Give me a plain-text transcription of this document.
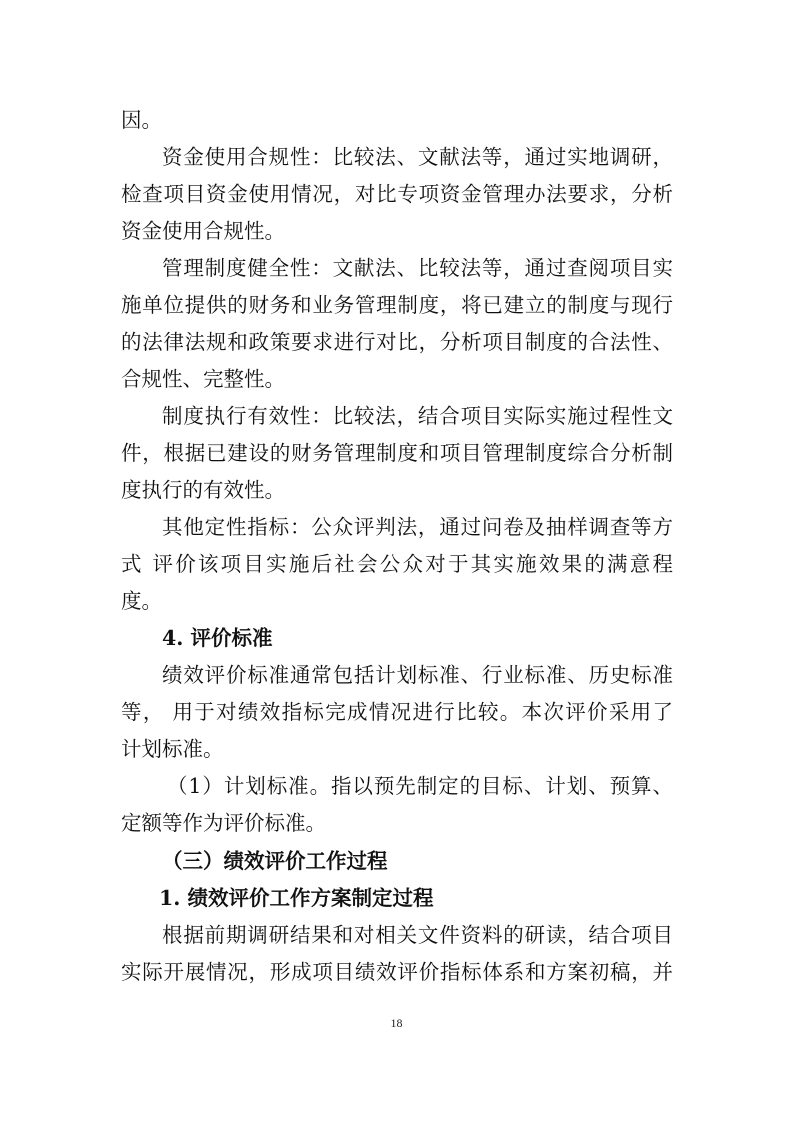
因。
资金使用合规性：比较法、文献法等，通过实地调研，
检查项目资金使用情况，对比专项资金管理办法要求，分析
资金使用合规性。
管理制度健全性：文献法、比较法等，通过查阅项目实
施单位提供的财务和业务管理制度，将已建立的制度与现行
的法律法规和政策要求进行对比，分析项目制度的合法性、
合规性、完整性。
制度执行有效性：比较法，结合项目实际实施过程性文
件，根据已建设的财务管理制度和项目管理制度综合分析制
度执行的有效性。
其他定性指标：公众评判法，通过问卷及抽样调查等方
式 评价该项目实施后社会公众对于其实施效果的满意程
度。
4. 评价标准
绩效评价标准通常包括计划标准、行业标准、历史标准
等， 用于对绩效指标完成情况进行比较。本次评价采用了
计划标准。
（1）计划标准。指以预先制定的目标、计划、预算、
定额等作为评价标准。
（三）绩效评价工作过程
1. 绩效评价工作方案制定过程
根据前期调研结果和对相关文件资料的研读，结合项目
实际开展情况，形成项目绩效评价指标体系和方案初稿，并
18
